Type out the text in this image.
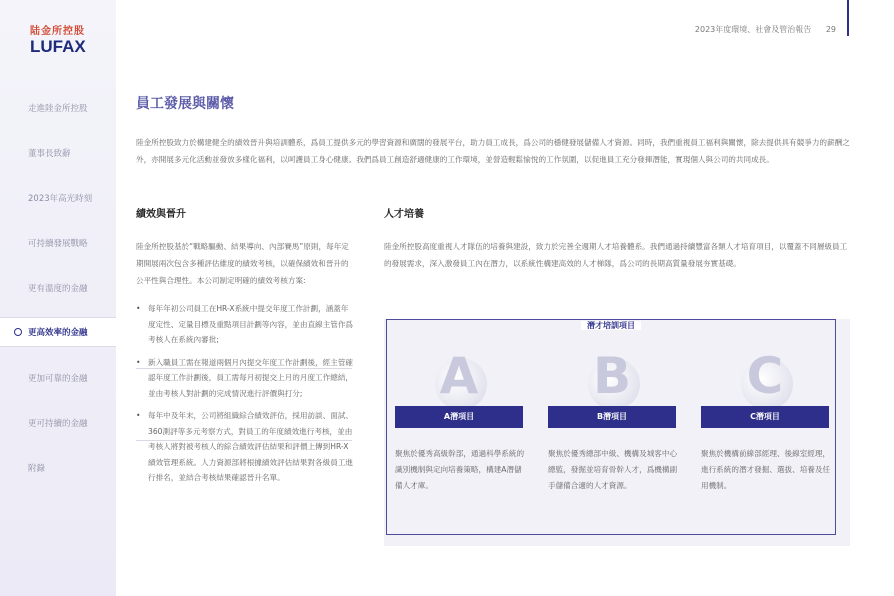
陆金所控股
LUFAX
走進陸金所控股
董事長致辭
2023年高光時刻
可持續發展戰略
更有溫度的金融
更高效率的金融
更加可靠的金融
更可持續的金融
附錄
2023年度環境、社會及管治報告 29
員工發展與關懷
陸金所控股致力於構建健全的績效晉升與培訓體系，爲員工提供多元的學習資源和廣闊的發展平台，助力員工成長，爲公司的穩健發展儲備人才資源。同時，我們重視員工福利與關懷，除去提供具有競爭力的薪酬之外，亦開展多元化活動並發放多樣化福利，以呵護員工身心健康。我們爲員工創造舒適健康的工作環境，並營造輕鬆愉悅的工作氛圍，以促進員工充分發揮潛能，實現個人與公司的共同成長。
績效與晉升
陸金所控股基於“戰略驅動、結果導向、內部賽馬”原則，每年定期開展兩次包含多種評估維度的績效考核，以確保績效和晉升的公平性與合理性。本公司制定明確的績效考核方案:
• 每年年初公司員工在HR-X系統中提交年度工作計劃，涵蓋年度定性、定量目標及重點項目計劃等內容，並由直線主管作爲考核人在系統內審批;
• 新入職員工需在報道兩個月內提交年度工作計劃後，經主管確認年度工作計劃後，員工需每月初提交上月的月度工作總結，並由考核人對計劃的完成情況進行評價與打分;
• 每年中及年末，公司將組織綜合績效評估，採用訪談、面試、360測評等多元考察方式，對員工的年度績效進行考核，並由考核人將對被考核人的綜合績效評估結果和評價上傳到HR-X績效管理系統。人力資源部將根據績效評估結果對各級員工進行排名，並結合考核結果確認晉升名單。
人才培養
陸金所控股高度重視人才隊伍的培養與建設，致力於完善全週期人才培養體系。我們通過持續豐富各類人才培育項目，以覆蓋不同層級員工的發展需求，深入激發員工內在潛力，以系統性構建高效的人才梯隊，爲公司的長期高質量發展夯實基礎。
潛才培訓項目
A
A潛項目
聚焦於優秀高級幹部，通過科學系統的識別機制與定向培養策略，構建A潛儲備人才庫。
B
B潛項目
聚焦於優秀總部中級、機構及城客中心總監，發掘並培育骨幹人才，爲機構副手儲備合適的人才資源。
C
C潛項目
聚焦於機構前線部經理、後線室經理，進行系統的潛才發掘、選拔、培養及任用機制。
